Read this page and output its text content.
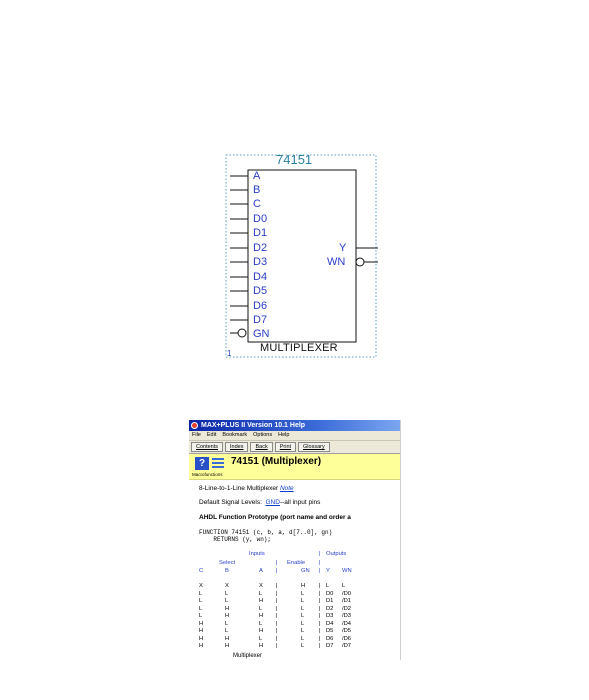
74151
A
B
C
D0
D1
D2
D3
D4
D5
D6
D7
GN
Y
WN
MULTIPLEXER
1
MAX+PLUS II Version 10.1 Help
File Edit Bookmark Options Help
Contents	Index	Back	Print	Glossary
?
Macrofunctions
74151 (Multiplexer)
8-Line-to-1-Line Multiplexer Note
Default Signal Levels: GND--all input pins
AHDL Function Prototype (port name and order a
FUNCTION 74151 (c, b, a, d[7..0], gn)
RETURNS (y, wn);
Inputs	Outputs
|
Select	| Enable |
C	B	A |	GN | Y WN
X	X	X	H	L L
|	|
L	L	L	L	D0 /D0
|	|
L	L	H	L	D1 /D1
|	|
L	H	L	L	D2 /D2
|	|
L	H	H	L	D3 /D3
|	|
H	L	L	L	D4 /D4
|	|
H	L	H	L	D5 /D5
|	|
H	H	L	L	D6 /D6
|	|
H	H	H	L	D7 /D7
|	|
Multiplexer
